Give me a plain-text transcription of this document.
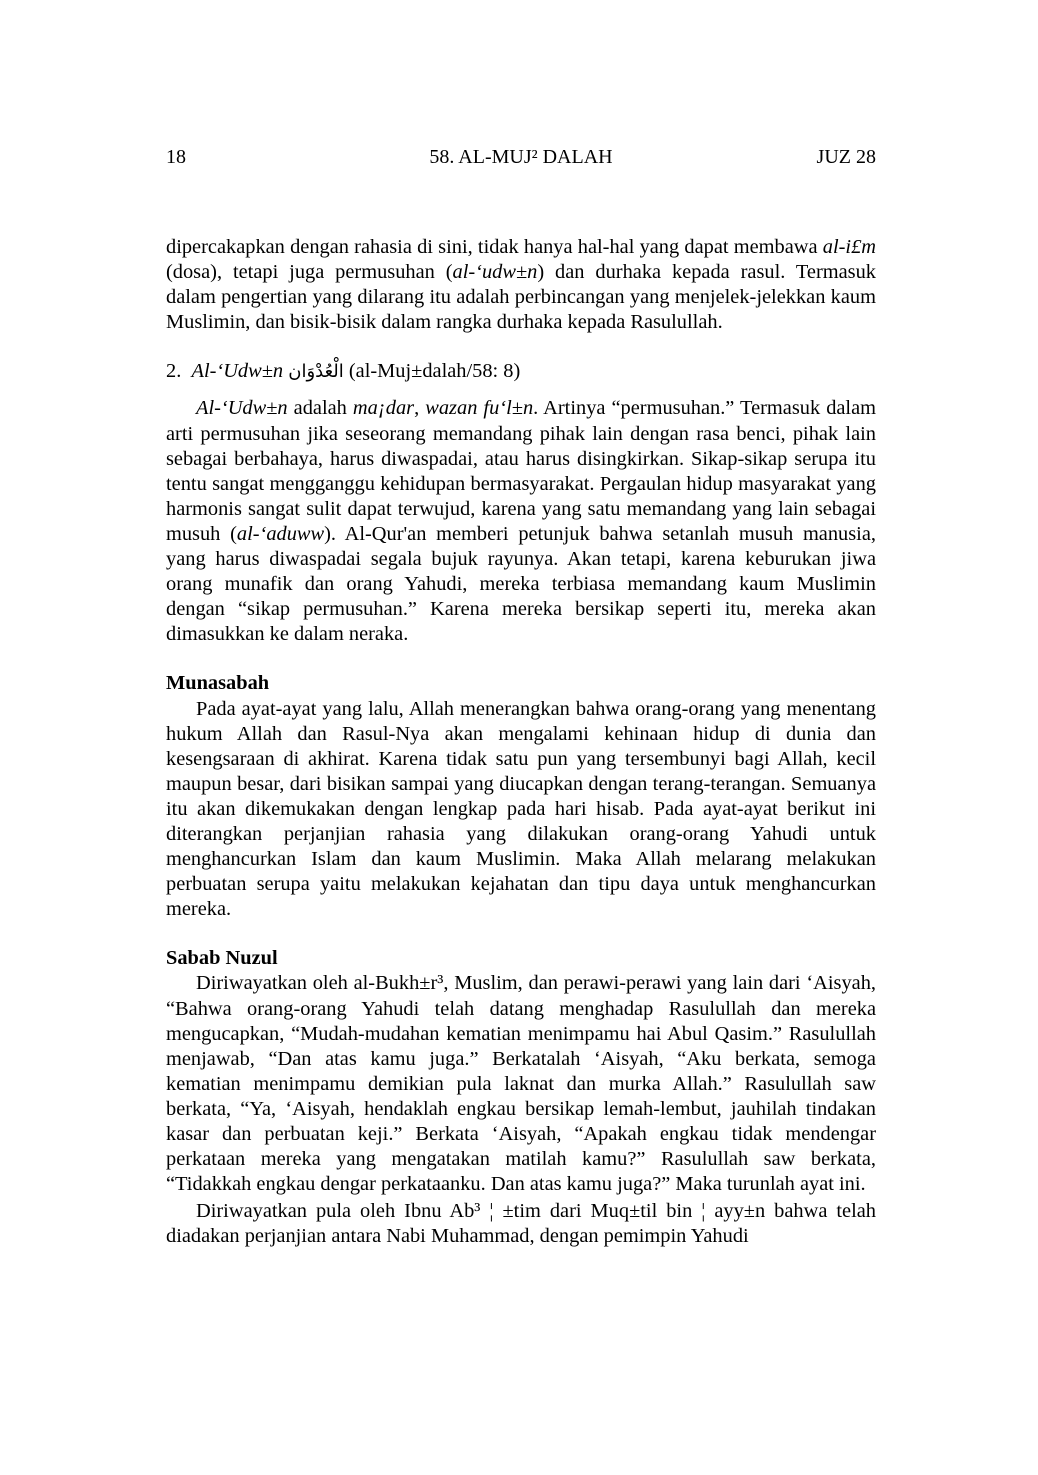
18	58. AL-MUJ² DALAH	JUZ 28

dipercakapkan dengan rahasia di sini, tidak hanya hal-hal yang dapat membawa al-i£m (dosa), tetapi juga permusuhan (al-‘udw±n) dan durhaka kepada rasul. Termasuk dalam pengertian yang dilarang itu adalah perbincangan yang menjelek-jelekkan kaum Muslimin, dan bisik-bisik dalam rangka durhaka kepada Rasulullah.

2. Al-‘Udw±n الْعُدْوَان (al-Muj±dalah/58: 8)

Al-‘Udw±n adalah ma¡dar, wazan fu‘l±n. Artinya “permusuhan.” Termasuk dalam arti permusuhan jika seseorang memandang pihak lain dengan rasa benci, pihak lain sebagai berbahaya, harus diwaspadai, atau harus disingkirkan. Sikap-sikap serupa itu tentu sangat mengganggu kehidupan bermasyarakat. Pergaulan hidup masyarakat yang harmonis sangat sulit dapat terwujud, karena yang satu memandang yang lain sebagai musuh (al-‘aduww). Al-Qur'an memberi petunjuk bahwa setanlah musuh manusia, yang harus diwaspadai segala bujuk rayunya. Akan tetapi, karena keburukan jiwa orang munafik dan orang Yahudi, mereka terbiasa memandang kaum Muslimin dengan “sikap permusuhan.” Karena mereka bersikap seperti itu, mereka akan dimasukkan ke dalam neraka.

Munasabah

Pada ayat-ayat yang lalu, Allah menerangkan bahwa orang-orang yang menentang hukum Allah dan Rasul-Nya akan mengalami kehinaan hidup di dunia dan kesengsaraan di akhirat. Karena tidak satu pun yang tersembunyi bagi Allah, kecil maupun besar, dari bisikan sampai yang diucapkan dengan terang-terangan. Semuanya itu akan dikemukakan dengan lengkap pada hari hisab. Pada ayat-ayat berikut ini diterangkan perjanjian rahasia yang dilakukan orang-orang Yahudi untuk menghancurkan Islam dan kaum Muslimin. Maka Allah melarang melakukan perbuatan serupa yaitu melakukan kejahatan dan tipu daya untuk menghancurkan mereka.

Sabab Nuzul

Diriwayatkan oleh al-Bukh±r³, Muslim, dan perawi-perawi yang lain dari ‘Aisyah, “Bahwa orang-orang Yahudi telah datang menghadap Rasulullah dan mereka mengucapkan, “Mudah-mudahan kematian menimpamu hai Abul Qasim.” Rasulullah menjawab, “Dan atas kamu juga.” Berkatalah ‘Aisyah, “Aku berkata, semoga kematian menimpamu demikian pula laknat dan murka Allah.” Rasulullah saw berkata, “Ya, ‘Aisyah, hendaklah engkau bersikap lemah-lembut, jauhilah tindakan kasar dan perbuatan keji.” Berkata ‘Aisyah, “Apakah engkau tidak mendengar perkataan mereka yang mengatakan matilah kamu?” Rasulullah saw berkata, “Tidakkah engkau dengar perkataanku. Dan atas kamu juga?” Maka turunlah ayat ini.

Diriwayatkan pula oleh Ibnu Ab³ ¦ ±tim dari Muq±til bin ¦ ayy±n bahwa telah diadakan perjanjian antara Nabi Muhammad, dengan pemimpin Yahudi
